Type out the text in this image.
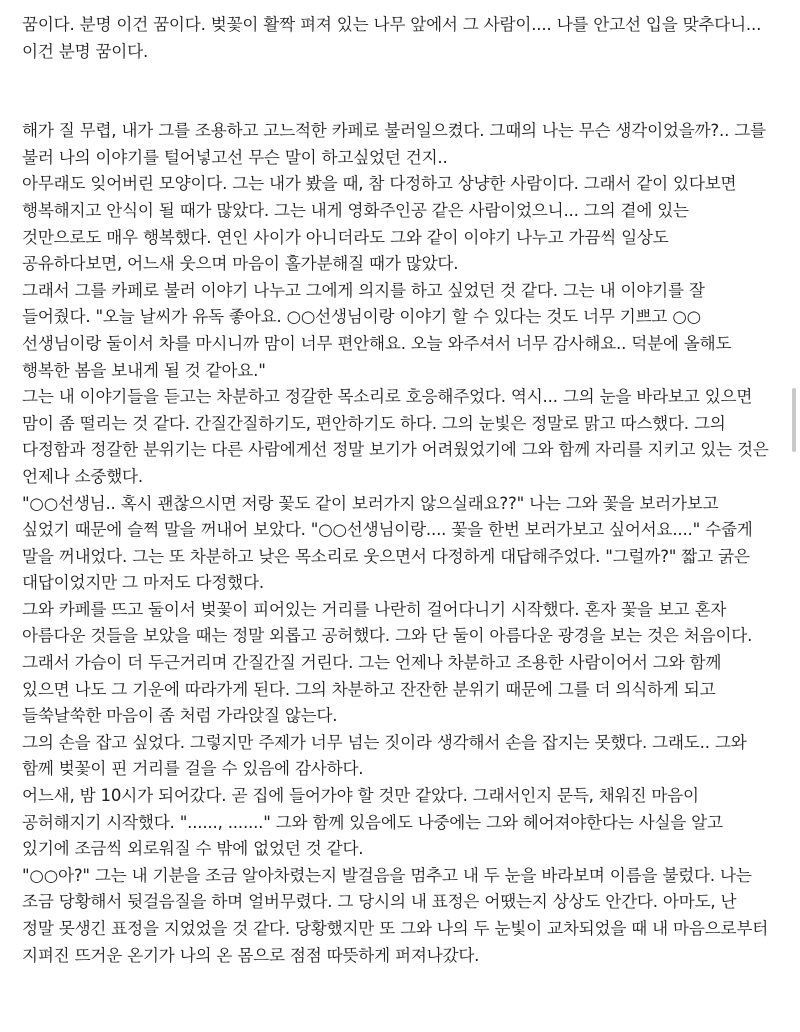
꿈이다. 분명 이건 꿈이다. 벚꽃이 활짝 펴져 있는 나무 앞에서 그 사람이.... 나를 안고선 입을 맞추다니... 이건 분명 꿈이다.

해가 질 무렵, 내가 그를 조용하고 고느적한 카페로 불러일으켰다. 그때의 나는 무슨 생각이었을까?.. 그를 불러 나의 이야기를 털어넣고선 무슨 말이 하고싶었던 건지..

아무래도 잊어버린 모양이다. 그는 내가 봤을 때, 참 다정하고 상냥한 사람이다. 그래서 같이 있다보면 행복해지고 안식이 될 때가 많았다. 그는 내게 영화주인공 같은 사람이었으니... 그의 곁에 있는 것만으로도 매우 행복했다. 연인 사이가 아니더라도 그와 같이 이야기 나누고 가끔씩 일상도 공유하다보면, 어느새 웃으며 마음이 홀가분해질 때가 많았다.

그래서 그를 카페로 불러 이야기 나누고 그에게 의지를 하고 싶었던 것 같다. 그는 내 이야기를 잘 들어줬다. "오늘 날씨가 유독 좋아요. ○○선생님이랑 이야기 할 수 있다는 것도 너무 기쁘고 ○○선생님이랑 둘이서 차를 마시니까 맘이 너무 편안해요. 오늘 와주셔서 너무 감사해요.. 덕분에 올해도 행복한 봄을 보내게 될 것 같아요."

그는 내 이야기들을 듣고는 차분하고 정갈한 목소리로 호응해주었다. 역시... 그의 눈을 바라보고 있으면 맘이 좀 떨리는 것 같다. 간질간질하기도, 편안하기도 하다. 그의 눈빛은 정말로 맑고 따스했다. 그의 다정함과 정갈한 분위기는 다른 사람에게선 정말 보기가 어려웠었기에 그와 함께 자리를 지키고 있는 것은 언제나 소중했다.

"○○선생님.. 혹시 괜찮으시면 저랑 꽃도 같이 보러가지 않으실래요??" 나는 그와 꽃을 보러가보고 싶었기 때문에 슬쩍 말을 꺼내어 보았다. "○○선생님이랑.... 꽃을 한번 보러가보고 싶어서요...." 수줍게 말을 꺼내었다. 그는 또 차분하고 낮은 목소리로 웃으면서 다정하게 대답해주었다. "그럴까?" 짧고 굵은 대답이었지만 그 마저도 다정했다.

그와 카페를 뜨고 둘이서 벚꽃이 피어있는 거리를 나란히 걸어다니기 시작했다. 혼자 꽃을 보고 혼자 아름다운 것들을 보았을 때는 정말 외롭고 공허했다. 그와 단 둘이 아름다운 광경을 보는 것은 처음이다. 그래서 가슴이 더 두근거리며 간질간질 거린다. 그는 언제나 차분하고 조용한 사람이어서 그와 함께 있으면 나도 그 기운에 따라가게 된다. 그의 차분하고 잔잔한 분위기 때문에 그를 더 의식하게 되고 들쑥날쑥한 마음이 좀 처럼 가라앉질 않는다.

그의 손을 잡고 싶었다. 그렇지만 주제가 너무 넘는 짓이라 생각해서 손을 잡지는 못했다. 그래도.. 그와 함께 벚꽃이 핀 거리를 걸을 수 있음에 감사하다.

어느새, 밤 10시가 되어갔다. 곧 집에 들어가야 할 것만 같았다. 그래서인지 문득, 채워진 마음이 공허해지기 시작했다. "......, ......." 그와 함께 있음에도 나중에는 그와 헤어져야한다는 사실을 알고 있기에 조금씩 외로워질 수 밖에 없었던 것 같다.

"○○아?" 그는 내 기분을 조금 알아차렸는지 발걸음을 멈추고 내 두 눈을 바라보며 이름을 불렀다. 나는 조금 당황해서 뒷걸음질을 하며 얼버무렸다. 그 당시의 내 표정은 어땠는지 상상도 안간다. 아마도, 난 정말 못생긴 표정을 지었었을 것 같다. 당황했지만 또 그와 나의 두 눈빛이 교차되었을 때 내 마음으로부터 지펴진 뜨거운 온기가 나의 온 몸으로 점점 따뜻하게 퍼져나갔다.
